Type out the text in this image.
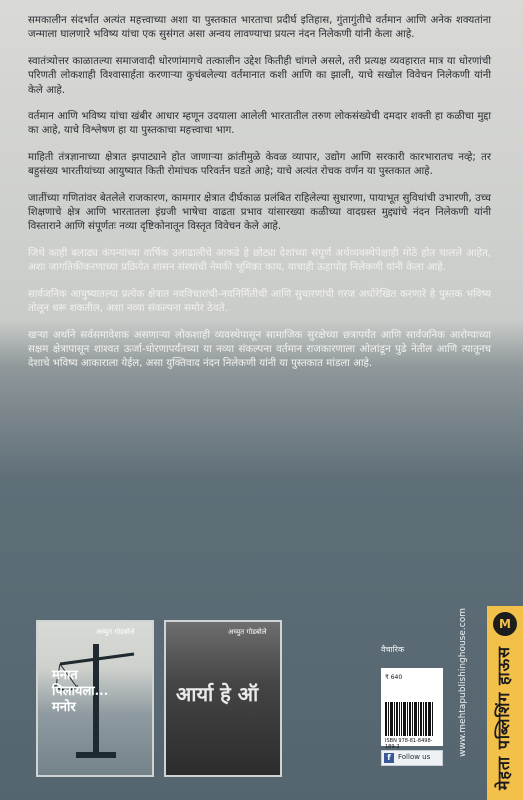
समकालीन संदर्भात अत्यंत महत्त्वाच्या अशा या पुस्तकात भारताचा प्रदीर्घ इतिहास, गुंतागुंतीचे वर्तमान आणि अनेक शक्यतांना जन्माला घालणारे भविष्य यांचा एक सुसंगत असा अन्वय लावण्याचा प्रयत्न नंदन निलेकणी यांनी केला आहे.

स्वातंत्र्योत्तर काळातल्या समाजवादी धोरणांमागचे तत्कालीन उद्देश कितीही चांगले असले, तरी प्रत्यक्ष व्यवहारात मात्र या धोरणांची परिणती लोकशाही विश्वासार्हता करणाऱ्या कुचंबलेल्या वर्तमानात कशी आणि का झाली, याचे सखोल विवेचन निलेकणी यांनी केले आहे.

वर्तमान आणि भविष्य यांचा खंबीर आधार म्हणून उदयाला आलेली भारतातील तरुण लोकसंख्येची दमदार शक्ती हा कळीचा मुद्दा का आहे, याचे विश्लेषण हा या पुस्तकाचा महत्त्वाचा भाग.

माहिती तंत्रज्ञानाच्या क्षेत्रात झपाट्याने होत जाणाऱ्या क्रांतीमुळे केवळ व्यापार, उद्योग आणि सरकारी कारभारातच नव्हे; तर बहुसंख्य भारतीयांच्या आयुष्यात किती रोमांचक परिवर्तन घडते आहे; याचे अत्यंत रोचक वर्णन या पुस्तकात आहे.

जातींच्या गणितांवर बेतलेले राजकारण, कामगार क्षेत्रात दीर्घकाळ प्रलंबित राहिलेल्या सुधारणा, पायाभूत सुविधांची उभारणी, उच्च शिक्षणाचे क्षेत्र आणि भारतातला इंग्रजी भाषेचा वाढता प्रभाव यांसारख्या कळीच्या वादग्रस्त मुद्द्यांचे नंदन निलेकणी यांनी विस्ताराने आणि संपूर्णतः नव्या दृष्टिकोनातून विस्तृत विवेचन केले आहे.

जिथे काही बलाढ्य कंपन्यांच्या वार्षिक उलाढालीचे आकडे हे छोट्या देशांच्या संपूर्ण अर्थव्यवस्थेपेक्षाही मोठे होत चालले आहेत, अशा जागतिकीकरणाच्या प्रक्रियेत शासन संस्थांची नेमकी भूमिका काय, याचाही ऊहापोह निलेकणी यांनी केला आहे.

सार्वजनिक आयुष्यातल्या प्रत्येक क्षेत्रात नवविचारांची-नवनिर्मितीची आणि सुधारणांची गरज अधोरेखित करणारे हे पुस्तक भविष्य तोलून धरू शकतील, अशा नव्या संकल्पना समोर ठेवते.

खऱ्या अर्थाने सर्वसमावेशक असणाऱ्या लोकशाही व्यवस्थेपासून सामाजिक सुरक्षेच्या छत्रापर्यंत आणि सार्वजनिक आरोग्याच्या सक्षम क्षेत्रापासून शाश्वत ऊर्जा-धोरणापर्यंतच्या या नव्या संकल्पना वर्तमान राजकारणाला ओलांडून पुढे नेतील आणि त्यातूनच देशाचे भविष्य आकाराला येईल, असा युक्तिवाद नंदन निलेकणी यांनी या पुस्तकात मांडला आहे.

अच्युत गोडबोले
मनात पिलायला... मनोर
अच्युत गोडबोले
आर्या हे ऑ	www.mehtapublishinghouse.com
वैचारिक
₹ 640
ISBN 978-81-8498-189-2
f	Follow us
M
मेहता पब्लिशिंग हाऊस
